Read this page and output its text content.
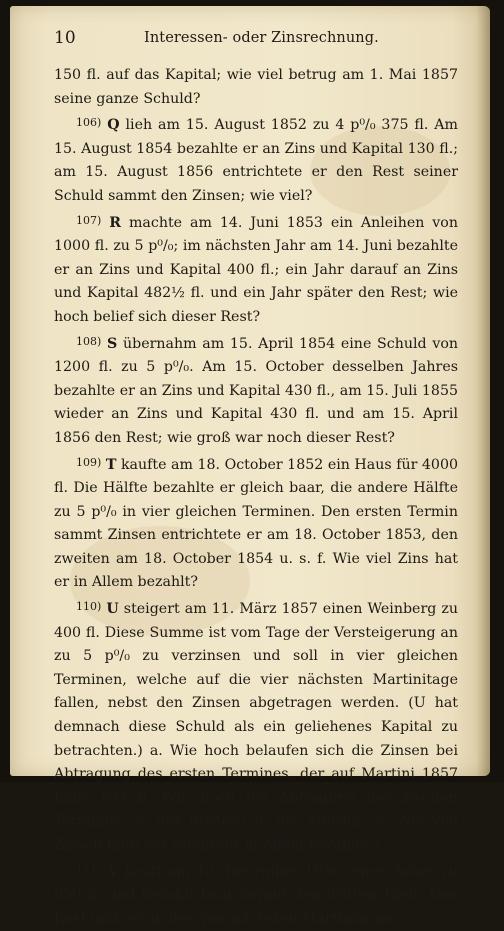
10	Interessen- oder Zinsrechnung.

150 fl. auf das Kapital; wie viel betrug am 1. Mai 1857 seine ganze Schuld?

$^{106)}$ Q lieh am 15. August 1852 zu 4 p⁰/₀ 375 fl. Am 15. August 1854 bezahlte er an Zins und Kapital 130 fl.; am 15. August 1856 entrichtete er den Rest seiner Schuld sammt den Zinsen; wie viel?

$^{107)}$ R machte am 14. Juni 1853 ein Anleihen von 1000 fl. zu 5 p⁰/₀; im nächsten Jahr am 14. Juni bezahlte er an Zins und Kapital 400 fl.; ein Jahr darauf an Zins und Kapital 482½ fl. und ein Jahr später den Rest; wie hoch belief sich dieser Rest?

$^{108)}$ S übernahm am 15. April 1854 eine Schuld von 1200 fl. zu 5 p⁰/₀. Am 15. October desselben Jahres bezahlte er an Zins und Kapital 430 fl., am 15. Juli 1855 wieder an Zins und Kapital 430 fl. und am 15. April 1856 den Rest; wie groß war noch dieser Rest?

$^{109)}$ T kaufte am 18. October 1852 ein Haus für 4000 fl. Die Hälfte bezahlte er gleich baar, die andere Hälfte zu 5 p⁰/₀ in vier gleichen Terminen. Den ersten Termin sammt Zinsen entrichtete er am 18. October 1853, den zweiten am 18. October 1854 u. s. f. Wie viel Zins hat er in Allem bezahlt?

$^{110)}$ U steigert am 11. März 1857 einen Weinberg zu 400 fl. Diese Summe ist vom Tage der Versteigerung an zu 5 p⁰/₀ zu verzinsen und soll in vier gleichen Terminen, welche auf die vier nächsten Martinitage fallen, nebst den Zinsen abgetragen werden. (U hat demnach diese Schuld als ein geliehenes Kapital zu betrachten.) a. Wie hoch belaufen sich die Zinsen bei Abtragung des ersten Termines, der auf Martini 1857 fällig ist? b. Wie hoch bei Abtragung des zweiten Termines? c. des dritten? d. des vierten? e. Wie viel Zinsen muß der Steigerer in Allem bezahlen?

$^{111)}$ V kauft am 13. December 1856 einen Acker zu 650 fl. und bezahlt baar darauf den dritten Theil. Den Rest muß er an den vier nächsten Martinitagen
